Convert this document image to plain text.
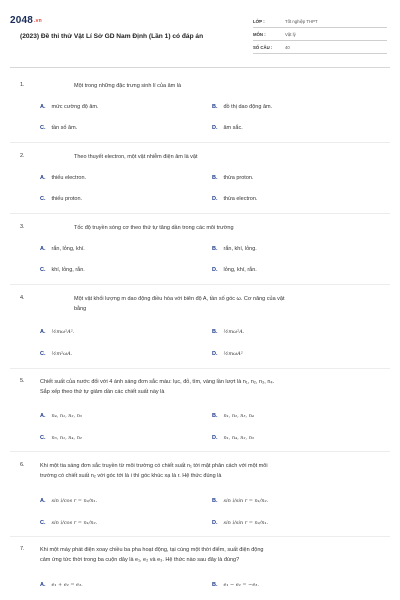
2048.vn
(2023) Đề thi thử Vật Lí Sở GD Nam Định (Lần 1) có đáp án
LỚP :	Tốt nghiệp THPT
MÔN :	Vật lý
SỐ CÂU :	40
1.	Một trong những đặc trưng sinh lí của âm là
A. mức cường độ âm.	B. đồ thị dao động âm.
C. tần số âm.	D. âm sắc.
2.	Theo thuyết electron, một vật nhiễm điện âm là vật
A. thiếu electron.	B. thừa proton.
C. thiếu proton.	D. thừa electron.
3.	Tốc độ truyền sóng cơ theo thứ tự tăng dần trong các môi trường
A. rắn, lỏng, khí.	B. rắn, khí, lỏng.
C. khí, lỏng, rắn.	D. lỏng, khí, rắn.
4.	Một vật khối lượng m dao động điều hòa với biên độ A, tần số góc ω. Cơ năng của vật
bằng
A. ½mω²A².	B. ½mω²A.
C. ½m²ωA.	D. ½mωA²
5.	Chiết suất của nước đối với 4 ánh sáng đơn sắc màu: lục, đỏ, tím, vàng lần lượt là n₁, n₂, n₃, n₄.
Sắp xếp theo thứ tự giảm dần các chiết suất này là
A. n₄, n₁, n₂, n₃	B. n₁, n₂, n₃, n₄
C. n₃, n₁, n₄, n₂	D. n₁, n₄, n₂, n₃
6.	Khi một tia sáng đơn sắc truyền từ môi trường có chiết suất n₁ tới mặt phân cách với một môi
trường có chiết suất n₂ với góc tới là i thì góc khúc xạ là r. Hệ thức đúng là
A. sin i/cos r = n₂/n₁.	B. sin i/sin r = n₁/n₂.
C. sin i/cos r = n₁/n₂.	D. sin i/sin r = n₂/n₁.
7.	Khi một máy phát điện xoay chiều ba pha hoạt động, tại cùng một thời điểm, suất điện động
cảm ứng tức thời trong ba cuộn dây là e₁, e₂ và e₃. Hệ thức nào sau đây là đúng?
A. e₁ + e₂ = e₃.	B. e₁ − e₂ = −e₃.
